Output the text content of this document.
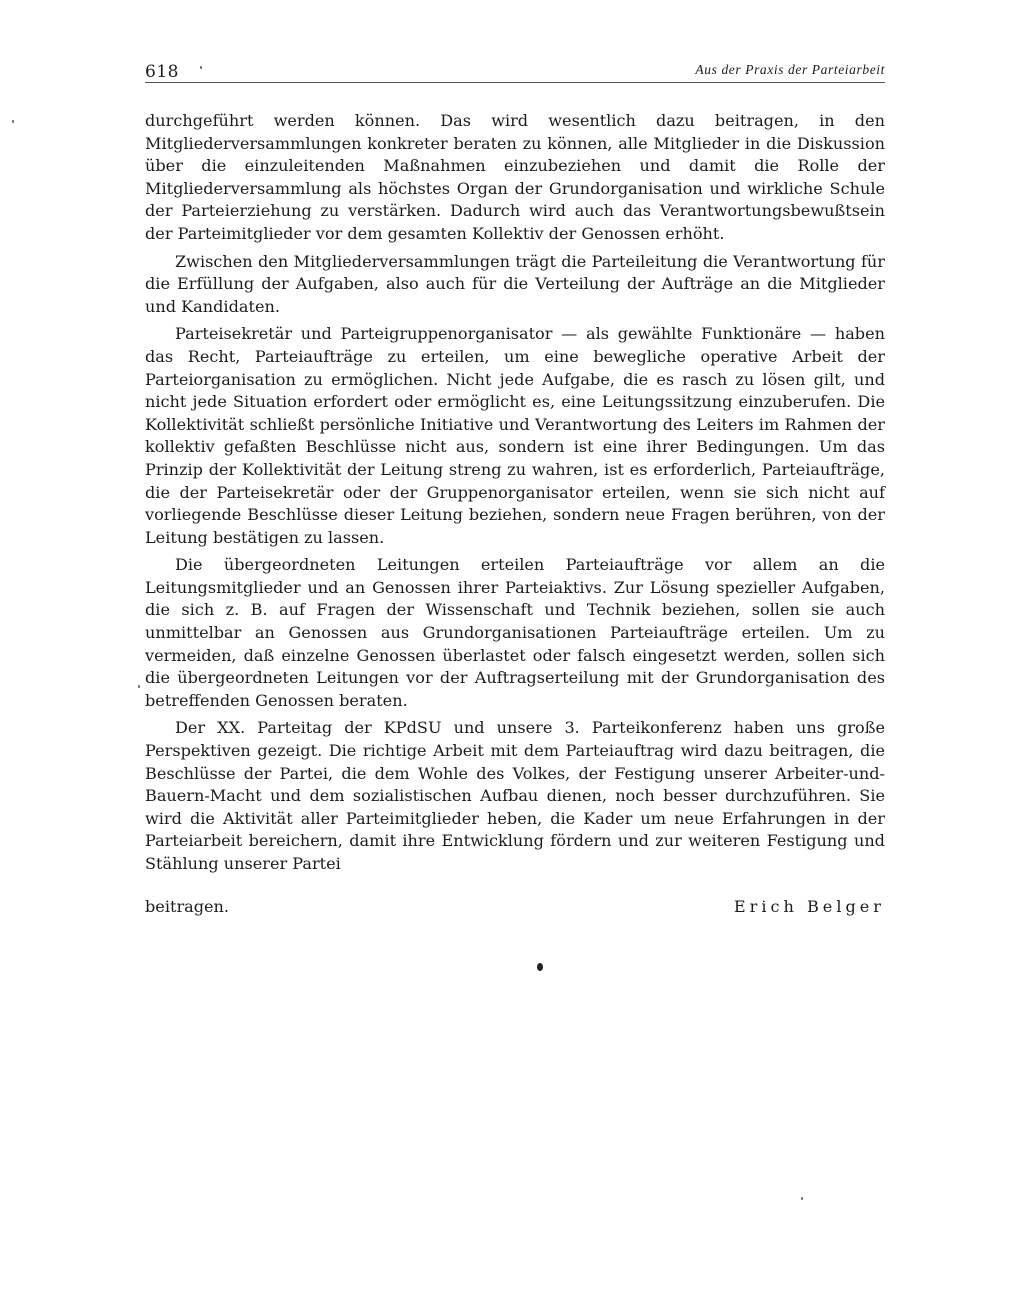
618	Aus der Praxis der Parteiarbeit

durchgeführt werden können. Das wird wesentlich dazu beitragen, in den Mitgliederversammlungen konkreter beraten zu können, alle Mitglieder in die Diskussion über die einzuleitenden Maßnahmen einzubeziehen und damit die Rolle der Mitgliederversammlung als höchstes Organ der Grundorganisation und wirkliche Schule der Parteierziehung zu verstärken. Dadurch wird auch das Verantwortungsbewußtsein der Parteimitglieder vor dem gesamten Kollektiv der Genossen erhöht.

Zwischen den Mitgliederversammlungen trägt die Parteileitung die Verantwortung für die Erfüllung der Aufgaben, also auch für die Verteilung der Aufträge an die Mitglieder und Kandidaten.

Parteisekretär und Parteigruppenorganisator — als gewählte Funktionäre — haben das Recht, Parteiaufträge zu erteilen, um eine bewegliche operative Arbeit der Parteiorganisation zu ermöglichen. Nicht jede Aufgabe, die es rasch zu lösen gilt, und nicht jede Situation erfordert oder ermöglicht es, eine Leitungssitzung einzuberufen. Die Kollektivität schließt persönliche Initiative und Verantwortung des Leiters im Rahmen der kollektiv gefaßten Beschlüsse nicht aus, sondern ist eine ihrer Bedingungen. Um das Prinzip der Kollektivität der Leitung streng zu wahren, ist es erforderlich, Parteiaufträge, die der Parteisekretär oder der Gruppenorganisator erteilen, wenn sie sich nicht auf vorliegende Beschlüsse dieser Leitung beziehen, sondern neue Fragen berühren, von der Leitung bestätigen zu lassen.

Die übergeordneten Leitungen erteilen Parteiaufträge vor allem an die Leitungsmitglieder und an Genossen ihrer Parteiaktivs. Zur Lösung spezieller Aufgaben, die sich z. B. auf Fragen der Wissenschaft und Technik beziehen, sollen sie auch unmittelbar an Genossen aus Grundorganisationen Parteiaufträge erteilen. Um zu vermeiden, daß einzelne Genossen überlastet oder falsch eingesetzt werden, sollen sich die übergeordneten Leitungen vor der Auftragserteilung mit der Grundorganisation des betreffenden Genossen beraten.

Der XX. Parteitag der KPdSU und unsere 3. Parteikonferenz haben uns große Perspektiven gezeigt. Die richtige Arbeit mit dem Parteiauftrag wird dazu beitragen, die Beschlüsse der Partei, die dem Wohle des Volkes, der Festigung unserer Arbeiter-und-Bauern-Macht und dem sozialistischen Aufbau dienen, noch besser durchzuführen. Sie wird die Aktivität aller Parteimitglieder heben, die Kader um neue Erfahrungen in der Parteiarbeit bereichern, damit ihre Entwicklung fördern und zur weiteren Festigung und Stählung unserer Partei

beitragen.	Erich Belger
